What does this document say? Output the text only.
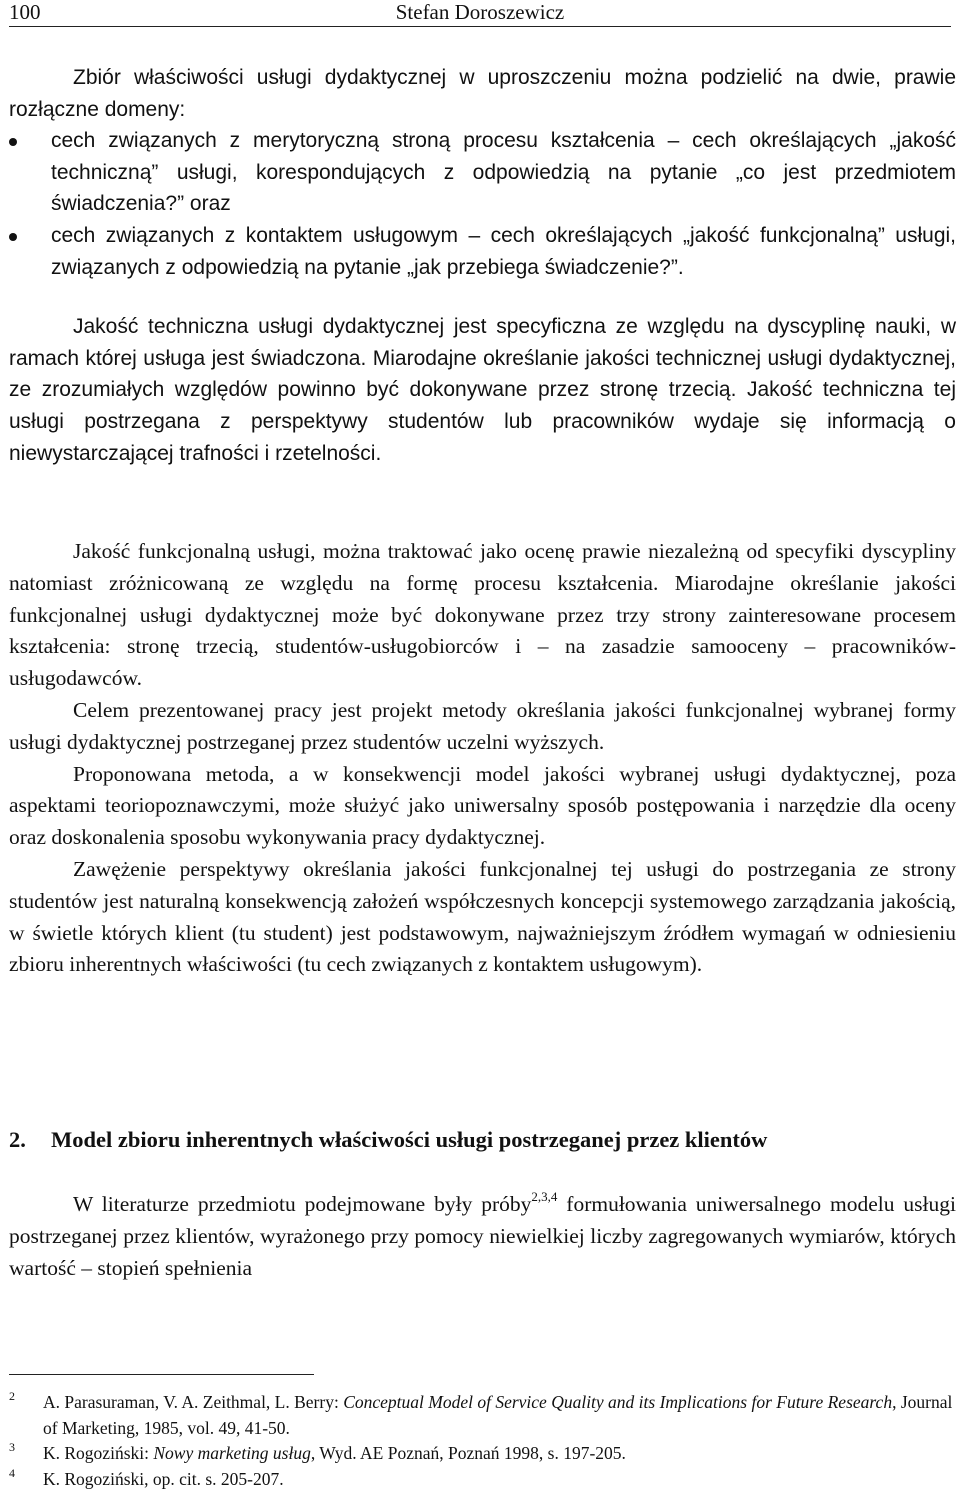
100	Stefan Doroszewicz

Zbiór właściwości usługi dydaktycznej w uproszczeniu można podzielić na dwie, prawie rozłączne domeny:

cech związanych z merytoryczną stroną procesu kształcenia – cech określających „jakość techniczną” usługi, korespondujących z odpowiedzią na pytanie „co jest przedmiotem świadczenia?” oraz
cech związanych z kontaktem usługowym – cech określających „jakość funkcjonalną” usługi, związanych z odpowiedzią na pytanie „jak przebiega świadczenie?”.

Jakość techniczna usługi dydaktycznej jest specyficzna ze względu na dyscyplinę nauki, w ramach której usługa jest świadczona. Miarodajne określanie jakości technicznej usługi dydaktycznej, ze zrozumiałych względów powinno być dokonywane przez stronę trzecią. Jakość techniczna tej usługi postrzegana z perspektywy studentów lub pracowników wydaje się informacją o niewystarczającej trafności i rzetelności.

Jakość funkcjonalną usługi, można traktować jako ocenę prawie niezależną od specyfiki dyscypliny natomiast zróżnicowaną ze względu na formę procesu kształcenia. Miarodajne określanie jakości funkcjonalnej usługi dydaktycznej może być dokonywane przez trzy strony zainteresowane procesem kształcenia: stronę trzecią, studentów-usługobiorców i – na zasadzie samooceny – pracowników-usługodawców.

Celem prezentowanej pracy jest projekt metody określania jakości funkcjonalnej wybranej formy usługi dydaktycznej postrzeganej przez studentów uczelni wyższych.

Proponowana metoda, a w konsekwencji model jakości wybranej usługi dydaktycznej, poza aspektami teoriopoznawczymi, może służyć jako uniwersalny sposób postępowania i narzędzie dla oceny oraz doskonalenia sposobu wykonywania pracy dydaktycznej.

Zawężenie perspektywy określania jakości funkcjonalnej tej usługi do postrzegania ze strony studentów jest naturalną konsekwencją założeń współczesnych koncepcji systemowego zarządzania jakością, w świetle których klient (tu student) jest podstawowym, najważniejszym źródłem wymagań w odniesieniu zbioru inherentnych właściwości (tu cech związanych z kontaktem usługowym).

2. Model zbioru inherentnych właściwości usługi postrzeganej przez klientów

W literaturze przedmiotu podejmowane były próby$^{2,3,4}$ formułowania uniwersalnego modelu usługi postrzeganej przez klientów, wyrażonego przy pomocy niewielkiej liczby zagregowanych wymiarów, których wartość – stopień spełnienia

2 A. Parasuraman, V. A. Zeithmal, L. Berry: Conceptual Model of Service Quality and its Implications for Future Research, Journal of Marketing, 1985, vol. 49, 41-50.
3 K. Rogoziński: Nowy marketing usług, Wyd. AE Poznań, Poznań 1998, s. 197-205.
4 K. Rogoziński, op. cit. s. 205-207.
